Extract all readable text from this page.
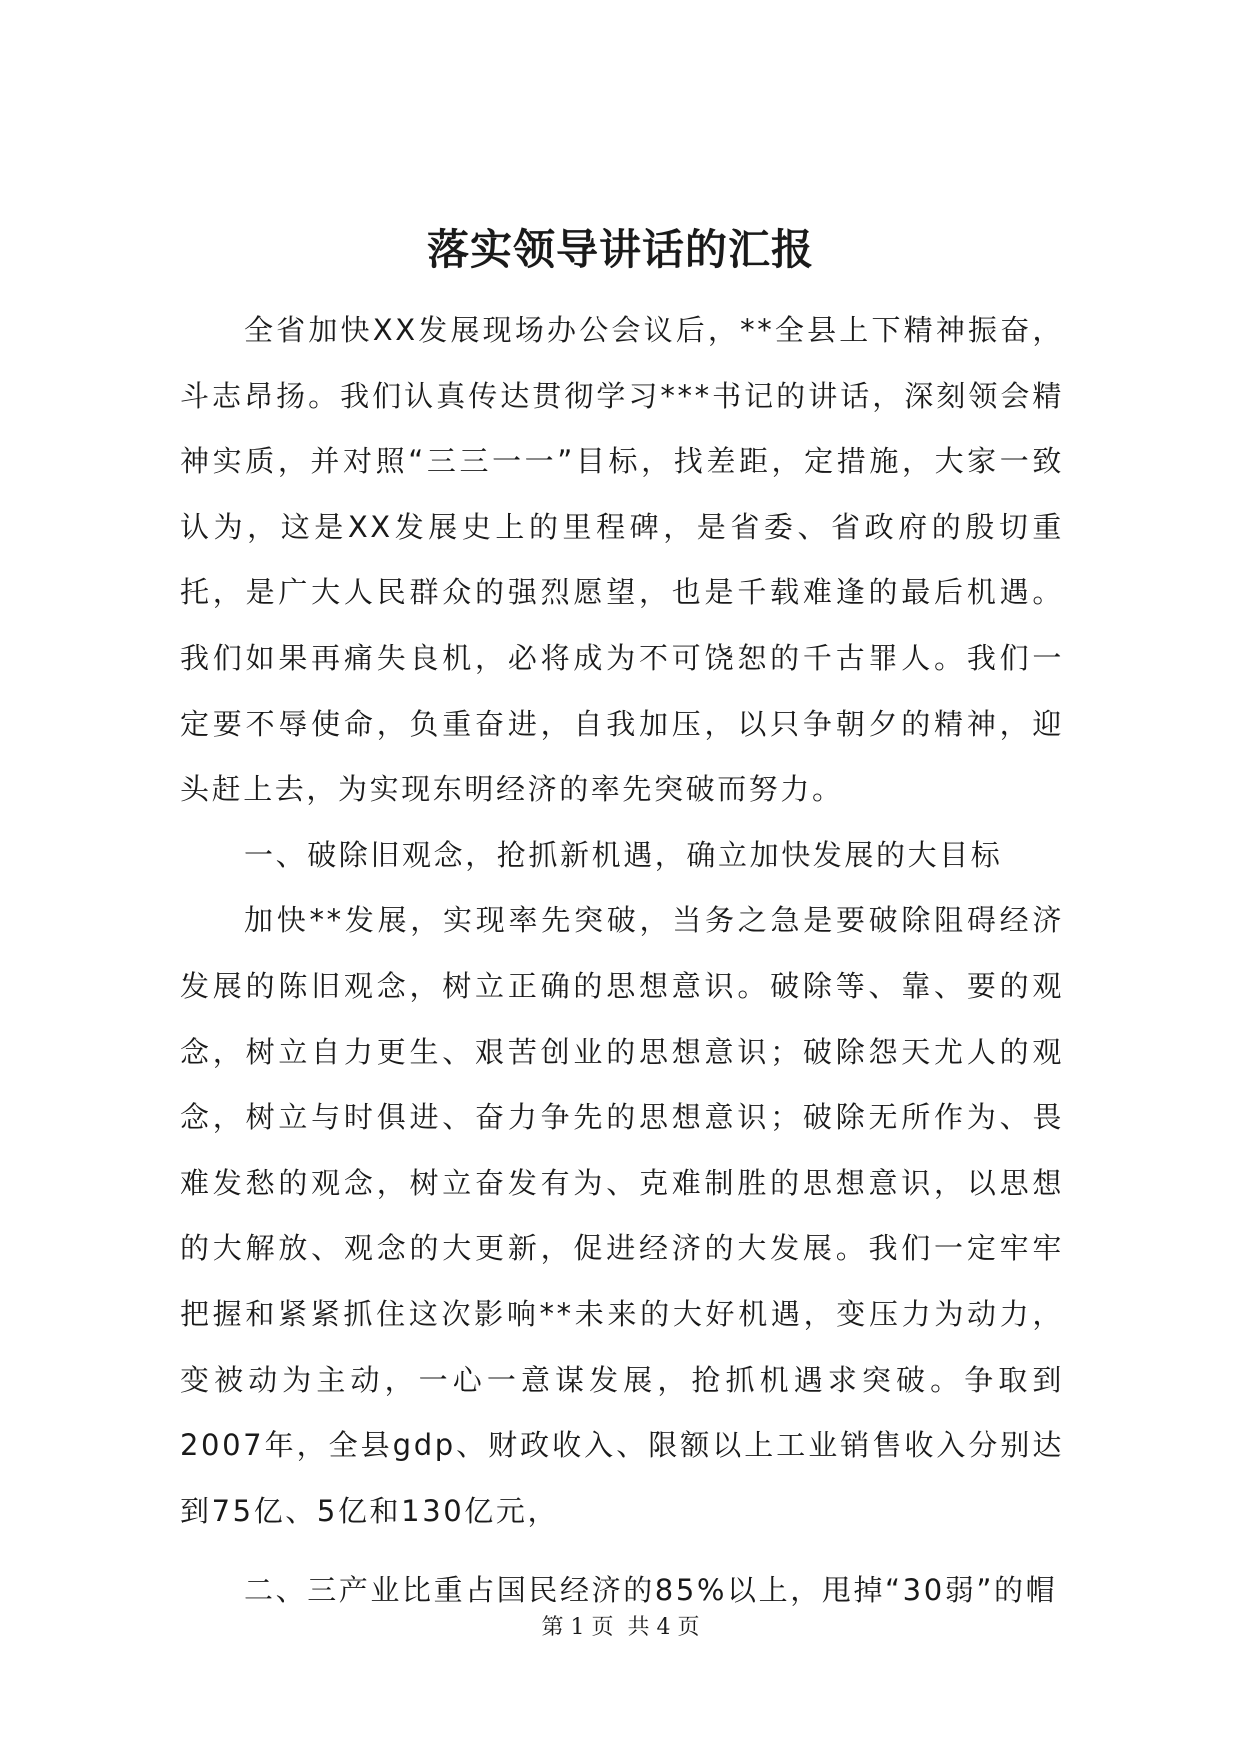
落实领导讲话的汇报

全省加快XX发展现场办公会议后，**全县上下精神振奋，斗志昂扬。我们认真传达贯彻学习***书记的讲话，深刻领会精神实质，并对照“三三一一”目标，找差距，定措施，大家一致认为，这是XX发展史上的里程碑，是省委、省政府的殷切重托，是广大人民群众的强烈愿望，也是千载难逢的最后机遇。我们如果再痛失良机，必将成为不可饶恕的千古罪人。我们一定要不辱使命，负重奋进，自我加压，以只争朝夕的精神，迎头赶上去，为实现东明经济的率先突破而努力。

一、破除旧观念，抢抓新机遇，确立加快发展的大目标

加快**发展，实现率先突破，当务之急是要破除阻碍经济发展的陈旧观念，树立正确的思想意识。破除等、靠、要的观念，树立自力更生、艰苦创业的思想意识；破除怨天尤人的观念，树立与时俱进、奋力争先的思想意识；破除无所作为、畏难发愁的观念，树立奋发有为、克难制胜的思想意识，以思想的大解放、观念的大更新，促进经济的大发展。我们一定牢牢把握和紧紧抓住这次影响**未来的大好机遇，变压力为动力，变被动为主动，一心一意谋发展，抢抓机遇求突破。争取到2007年，全县gdp、财政收入、限额以上工业销售收入分别达到75亿、5亿和130亿元，

二、三产业比重占国民经济的85%以上，甩掉“30弱”的帽

第 1 页  共 4 页
